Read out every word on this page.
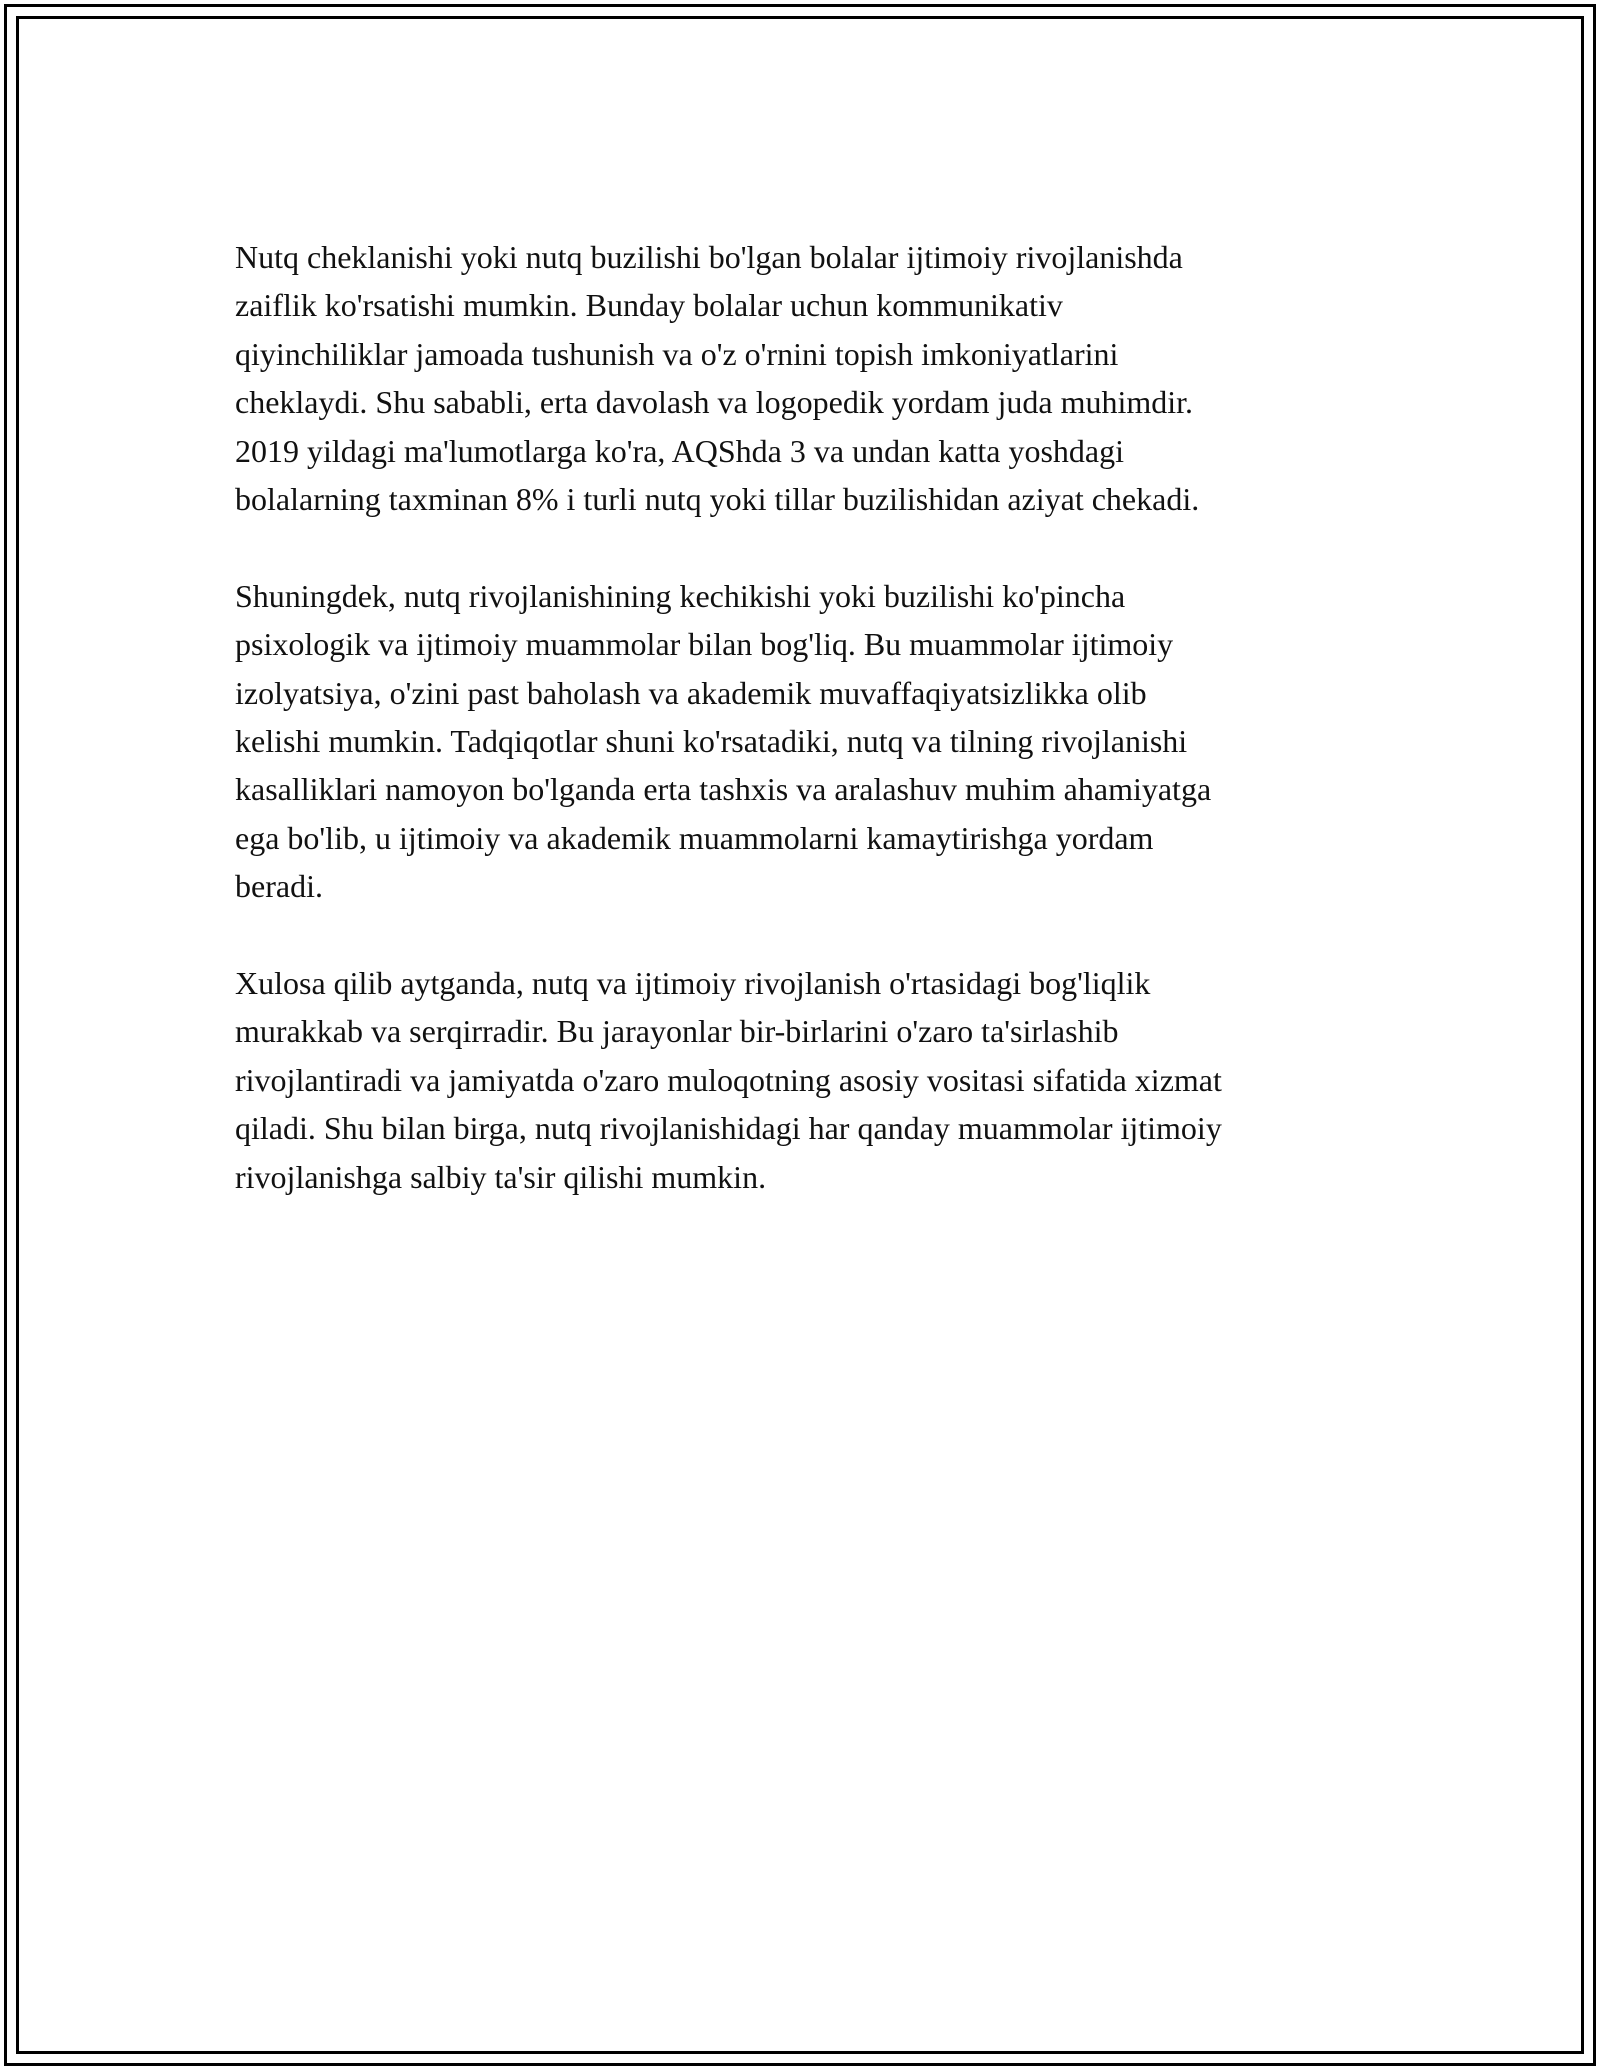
Nutq cheklanishi yoki nutq buzilishi bo'lgan bolalar ijtimoiy rivojlanishda
zaiflik ko'rsatishi mumkin. Bunday bolalar uchun kommunikativ
qiyinchiliklar jamoada tushunish va o'z o'rnini topish imkoniyatlarini
cheklaydi. Shu sababli, erta davolash va logopedik yordam juda muhimdir.
2019 yildagi ma'lumotlarga ko'ra, AQShda 3 va undan katta yoshdagi
bolalarning taxminan 8% i turli nutq yoki tillar buzilishidan aziyat chekadi.

Shuningdek, nutq rivojlanishining kechikishi yoki buzilishi ko'pincha
psixologik va ijtimoiy muammolar bilan bog'liq. Bu muammolar ijtimoiy
izolyatsiya, o'zini past baholash va akademik muvaffaqiyatsizlikka olib
kelishi mumkin. Tadqiqotlar shuni ko'rsatadiki, nutq va tilning rivojlanishi
kasalliklari namoyon bo'lganda erta tashxis va aralashuv muhim ahamiyatga
ega bo'lib, u ijtimoiy va akademik muammolarni kamaytirishga yordam
beradi.

Xulosa qilib aytganda, nutq va ijtimoiy rivojlanish o'rtasidagi bog'liqlik
murakkab va serqirradir. Bu jarayonlar bir-birlarini o'zaro ta'sirlashib
rivojlantiradi va jamiyatda o'zaro muloqotning asosiy vositasi sifatida xizmat
qiladi. Shu bilan birga, nutq rivojlanishidagi har qanday muammolar ijtimoiy
rivojlanishga salbiy ta'sir qilishi mumkin.
